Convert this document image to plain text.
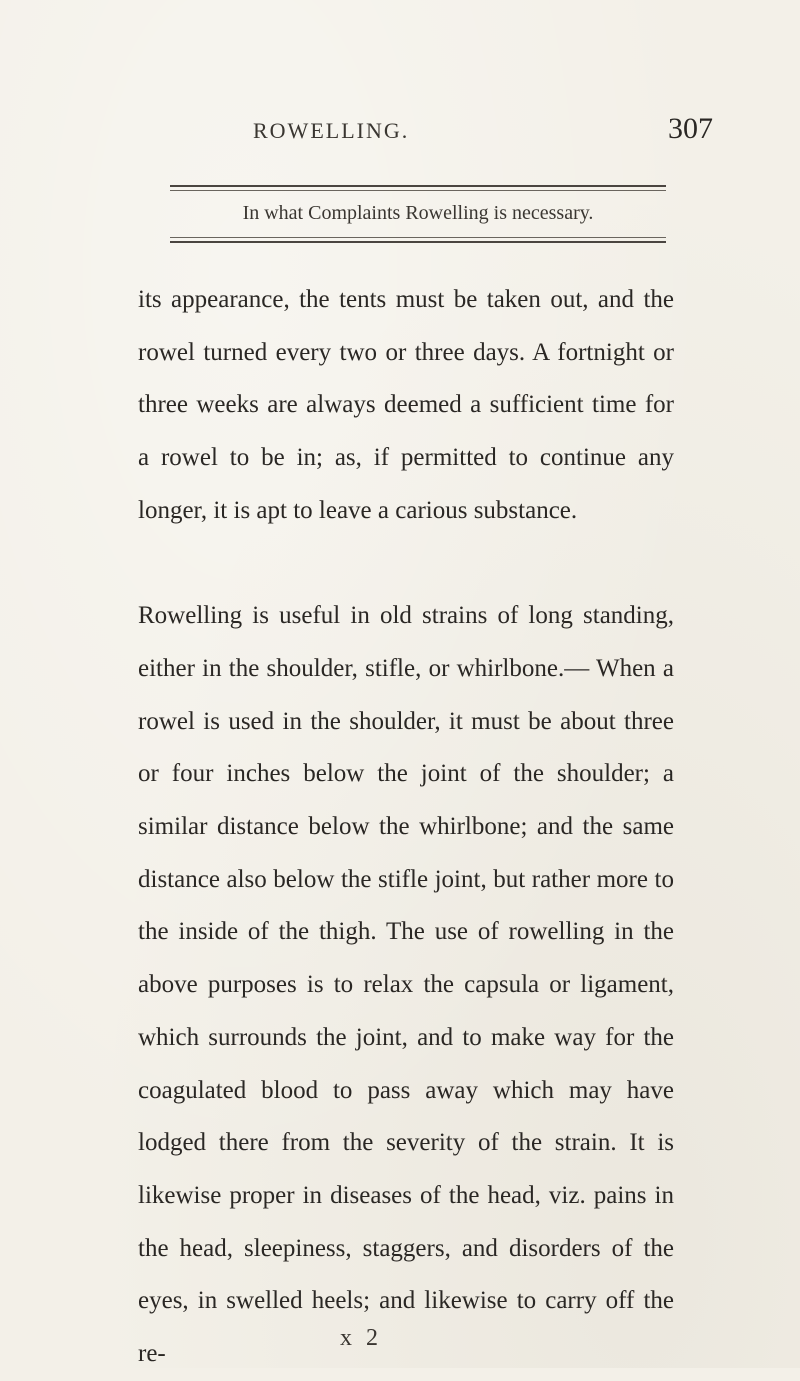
ROWELLING.	307
In what Complaints Rowelling is necessary.

its appearance, the tents must be taken out, and the rowel turned every two or three days. A fortnight or three weeks are always deemed a sufficient time for a rowel to be in; as, if permitted to continue any longer, it is apt to leave a carious substance.

Rowelling is useful in old strains of long standing, either in the shoulder, stifle, or whirlbone.— When a rowel is used in the shoulder, it must be about three or four inches below the joint of the shoulder; a similar distance below the whirlbone; and the same distance also below the stifle joint, but rather more to the inside of the thigh. The use of rowelling in the above purposes is to relax the capsula or ligament, which surrounds the joint, and to make way for the coagulated blood to pass away which may have lodged there from the severity of the strain. It is likewise proper in diseases of the head, viz. pains in the head, sleepiness, staggers, and disorders of the eyes, in swelled heels; and likewise to carry off the re-

x 2
